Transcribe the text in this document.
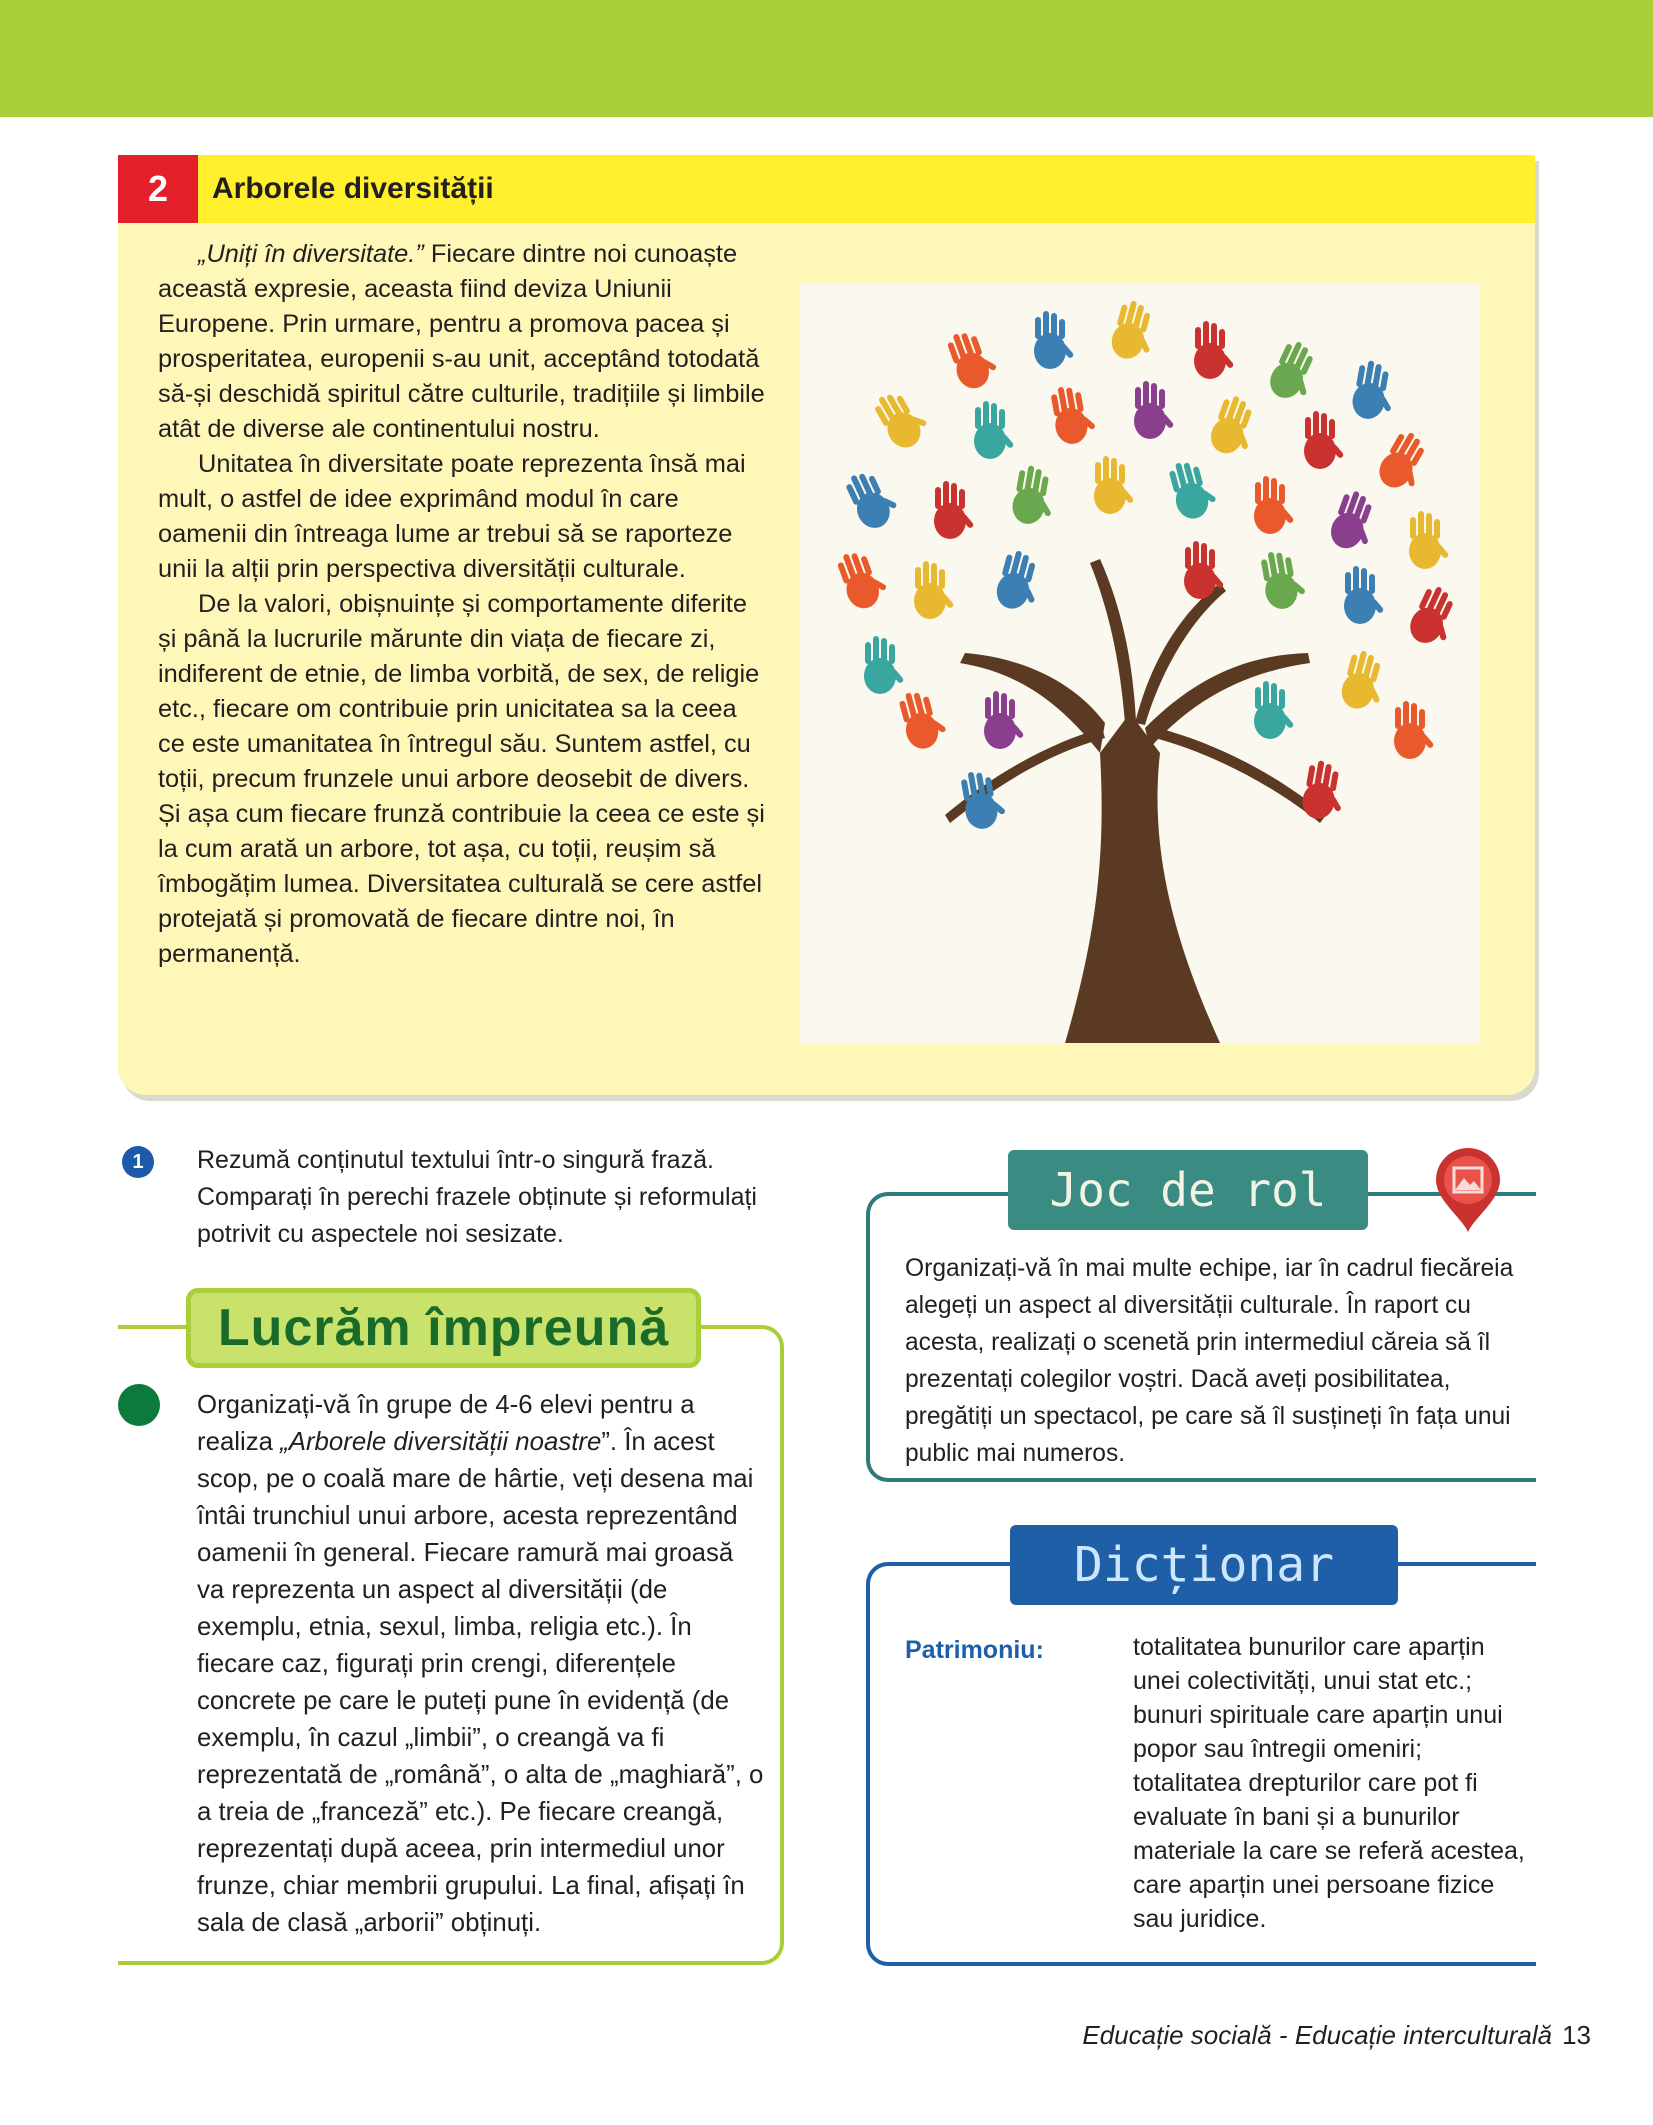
2	Arborele diversității

„Uniți în diversitate.” Fiecare dintre noi cunoaște această expresie, aceasta fiind deviza Uniunii Europene. Prin urmare, pentru a promova pacea și prosperitatea, europenii s-au unit, acceptând totodată să-și deschidă spiritul către culturile, tradițiile și limbile atât de diverse ale continentului nostru.

Unitatea în diversitate poate reprezenta însă mai mult, o astfel de idee exprimând modul în care oamenii din întreaga lume ar trebui să se raporteze unii la alții prin perspectiva diversității culturale.

De la valori, obișnuințe și comportamente diferite și până la lucrurile mărunte din viața de fiecare zi, indiferent de etnie, de limba vorbită, de sex, de religie etc., fiecare om contribuie prin unicitatea sa la ceea ce este umanitatea în întregul său. Suntem astfel, cu toții, precum frunzele unui arbore deosebit de divers. Și așa cum fiecare frunză contribuie la ceea ce este și la cum arată un arbore, tot așa, cu toții, reușim să îmbogățim lumea. Diversitatea culturală se cere astfel protejată și promovată de fiecare dintre noi, în permanență.

1	Rezumă conținutul textului într-o singură frază. Comparați în perechi frazele obținute și reformulați potrivit cu aspectele noi sesizate.
Lucrăm împreună
Organizați-vă în grupe de 4-6 elevi pentru a realiza „Arborele diversității noastre”. În acest scop, pe o coală mare de hârtie, veți desena mai întâi trunchiul unui arbore, acesta reprezentând oamenii în general. Fiecare ramură mai groasă va reprezenta un aspect al diversității (de exemplu, etnia, sexul, limba, religia etc.). În fiecare caz, figurați prin crengi, diferențele concrete pe care le puteți pune în evidență (de exemplu, în cazul „limbii”, o creangă va fi reprezentată de „română”, o alta de „maghiară”, o a treia de „franceză” etc.). Pe fiecare creangă, reprezentați după aceea, prin intermediul unor frunze, chiar membrii grupului. La final, afișați în sala de clasă „arborii” obținuți.
Joc de rol
Organizați-vă în mai multe echipe, iar în cadrul fiecăreia alegeți un aspect al diversității culturale. În raport cu acesta, realizați o scenetă prin intermediul căreia să îl prezentați colegilor voștri. Dacă aveți posibilitatea, pregătiți un spectacol, pe care să îl susțineți în fața unui public mai numeros.
Dicționar
Patrimoniu:	totalitatea bunurilor care aparțin unei colectivități, unui stat etc.; bunuri spirituale care aparțin unui popor sau întregii omeniri; totalitatea drepturilor care pot fi evaluate în bani și a bunurilor materiale la care se referă acestea, care aparțin unei persoane fizice sau juridice.
Educație socială - Educație interculturală 13
